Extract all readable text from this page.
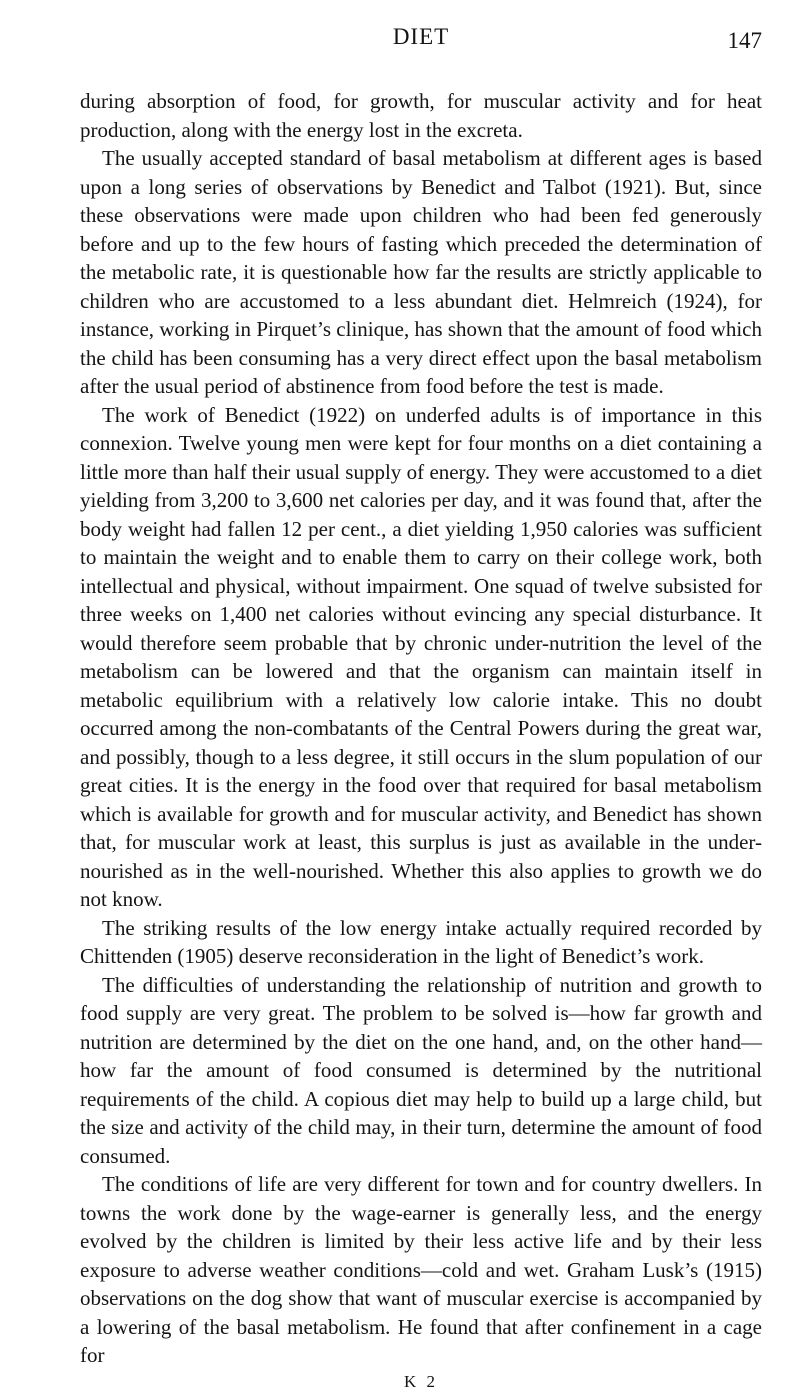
DIET	147

during absorption of food, for growth, for muscular activity and for heat production, along with the energy lost in the excreta.

The usually accepted standard of basal metabolism at different ages is based upon a long series of observations by Benedict and Talbot (1921). But, since these observations were made upon children who had been fed generously before and up to the few hours of fasting which preceded the determination of the metabolic rate, it is questionable how far the results are strictly applicable to children who are accustomed to a less abundant diet. Helmreich (1924), for instance, working in Pirquet’s clinique, has shown that the amount of food which the child has been consuming has a very direct effect upon the basal metabolism after the usual period of abstinence from food before the test is made.

The work of Benedict (1922) on underfed adults is of importance in this connexion. Twelve young men were kept for four months on a diet containing a little more than half their usual supply of energy. They were accustomed to a diet yielding from 3,200 to 3,600 net calories per day, and it was found that, after the body weight had fallen 12 per cent., a diet yielding 1,950 calories was sufficient to maintain the weight and to enable them to carry on their college work, both intellectual and physical, without impairment. One squad of twelve subsisted for three weeks on 1,400 net calories without evincing any special disturbance. It would therefore seem probable that by chronic under-nutrition the level of the metabolism can be lowered and that the organism can maintain itself in metabolic equilibrium with a relatively low calorie intake. This no doubt occurred among the non-combatants of the Central Powers during the great war, and possibly, though to a less degree, it still occurs in the slum population of our great cities. It is the energy in the food over that required for basal metabolism which is available for growth and for muscular activity, and Benedict has shown that, for muscular work at least, this surplus is just as available in the under-nourished as in the well-nourished. Whether this also applies to growth we do not know.

The striking results of the low energy intake actually required recorded by Chittenden (1905) deserve reconsideration in the light of Benedict’s work.

The difficulties of understanding the relationship of nutrition and growth to food supply are very great. The problem to be solved is—how far growth and nutrition are determined by the diet on the one hand, and, on the other hand—how far the amount of food consumed is determined by the nutritional requirements of the child. A copious diet may help to build up a large child, but the size and activity of the child may, in their turn, determine the amount of food consumed.

The conditions of life are very different for town and for country dwellers. In towns the work done by the wage-earner is generally less, and the energy evolved by the children is limited by their less active life and by their less exposure to adverse weather conditions—cold and wet. Graham Lusk’s (1915) observations on the dog show that want of muscular exercise is accompanied by a lowering of the basal metabolism. He found that after confinement in a cage for

K 2
